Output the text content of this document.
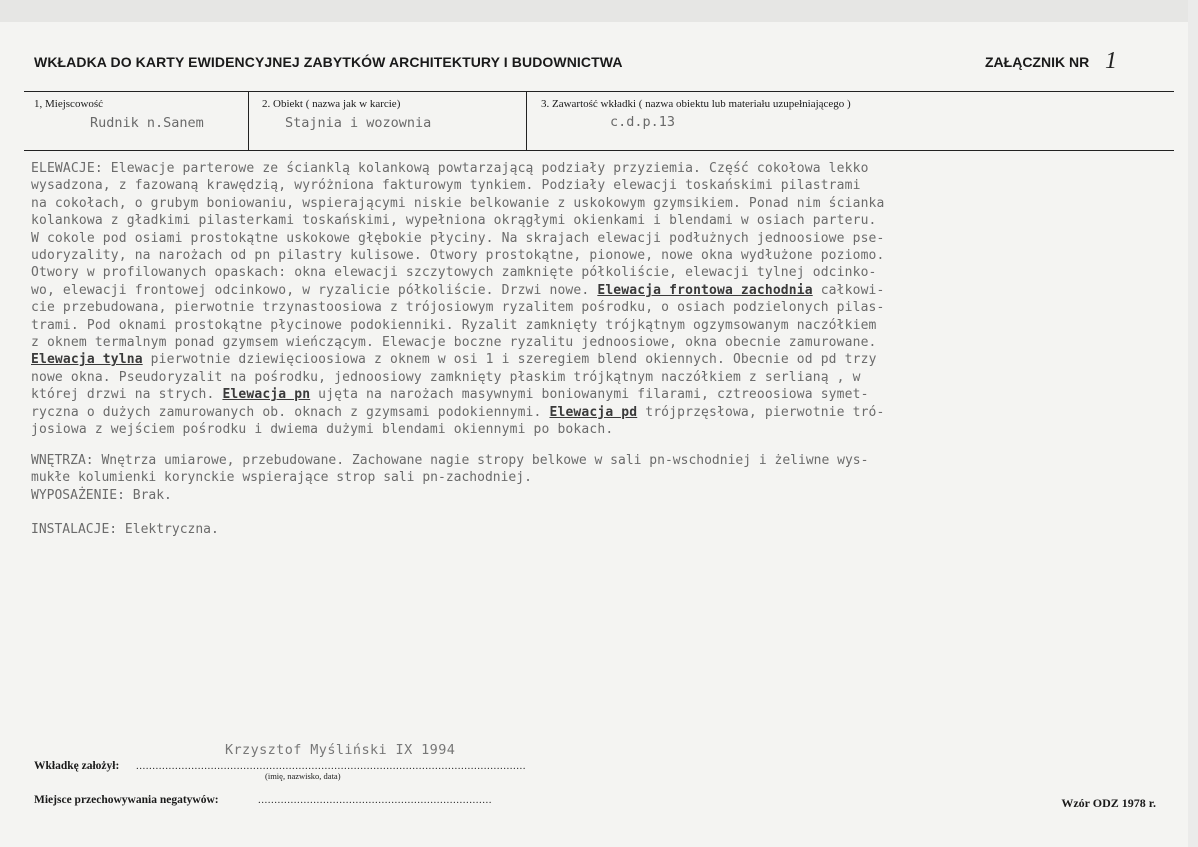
WKŁADKA DO KARTY EWIDENCYJNEJ ZABYTKÓW ARCHITEKTURY I BUDOWNICTWA	ZAŁĄCZNIK NR 1
1, Miejscowość
Rudnik n.Sanem
2. Obiekt ( nazwa jak w karcie)
Stajnia i wozownia
3. Zawartość wkładki ( nazwa obiektu lub materiału uzupełniającego )
c.d.p.13
ELEWACJE: Elewacje parterowe ze ścianklą kolankową powtarzającą podziały przyziemia. Część cokołowa lekko
wysadzona, z fazowaną krawędzią, wyróżniona fakturowym tynkiem. Podziały elewacji toskańskimi pilastrami
na cokołach, o grubym boniowaniu, wspierającymi niskie belkowanie z uskokowym gzymsikiem. Ponad nim ścianka
kolankowa z gładkimi pilasterkami toskańskimi, wypełniona okrągłymi okienkami i blendami w osiach parteru.
W cokole pod osiami prostokątne uskokowe głębokie płyciny. Na skrajach elewacji podłużnych jednoosiowe pse-
udoryzality, na narożach od pn pilastry kulisowe. Otwory prostokątne, pionowe, nowe okna wydłużone poziomo.
Otwory w profilowanych opaskach: okna elewacji szczytowych zamknięte półkoliście, elewacji tylnej odcinko-
wo, elewacji frontowej odcinkowo, w ryzalicie półkoliście. Drzwi nowe. Elewacja frontowa zachodnia całkowi-
cie przebudowana, pierwotnie trzynastoosiowa z trójosiowym ryzalitem pośrodku, o osiach podzielonych pilas-
trami. Pod oknami prostokątne płycinowe podokienniki. Ryzalit zamknięty trójkątnym ogzymsowanym naczółkiem
z oknem termalnym ponad gzymsem wieńczącym. Elewacje boczne ryzalitu jednoosiowe, okna obecnie zamurowane.
Elewacja tylna pierwotnie dziewięcioosiowa z oknem w osi 1 i szeregiem blend okiennych. Obecnie od pd trzy
nowe okna. Pseudoryzalit na pośrodku, jednoosiowy zamknięty płaskim trójkątnym naczółkiem z serlianą , w
której drzwi na strych. Elewacja pn ujęta na narożach masywnymi boniowanymi filarami, cztreoosiowa symet-
ryczna o dużych zamurowanych ob. oknach z gzymsami podokiennymi. Elewacja pd trójprzęsłowa, pierwotnie tró-
josiowa z wejściem pośrodku i dwiema dużymi blendami okiennymi po bokach.
WNĘTRZA: Wnętrza umiarowe, przebudowane. Zachowane nagie stropy belkowe w sali pn-wschodniej i żeliwne wys-
mukłe kolumienki korynckie wspierające strop sali pn-zachodniej.
WYPOSAŻENIE: Brak.
INSTALACJE: Elektryczna.
Krzysztof Myśliński IX 1994
Wkładkę założył: ........................................................................................................................
(imię, nazwisko, data)
Miejsce przechowywania negatywów:	........................................................................	Wzór ODZ 1978 r.
